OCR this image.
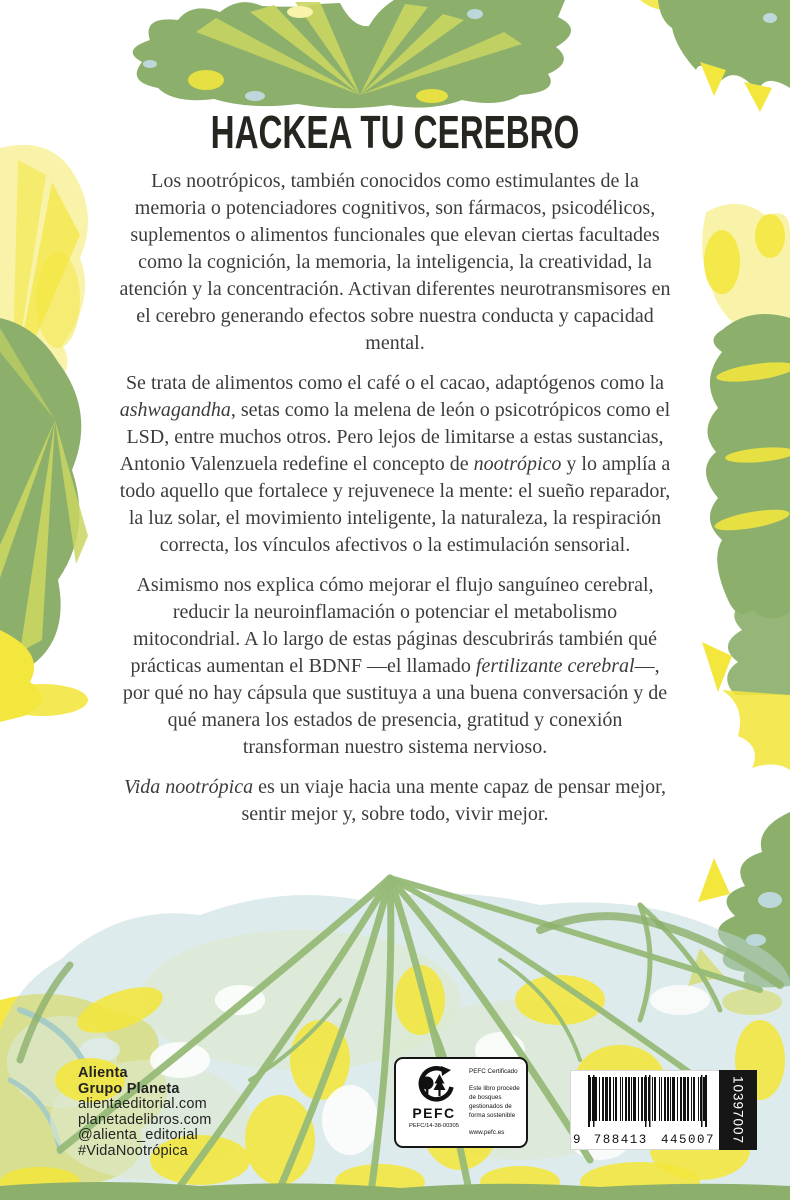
HACKEA TU CEREBRO

Los nootrópicos, también conocidos como estimulantes de la memoria o potenciadores cognitivos, son fármacos, psicodélicos, suplementos o alimentos funcionales que elevan ciertas facultades como la cognición, la memoria, la inteligencia, la creatividad, la atención y la concentración. Activan diferentes neurotransmisores en el cerebro generando efectos sobre nuestra conducta y capacidad mental.

Se trata de alimentos como el café o el cacao, adaptógenos como la ashwagandha, setas como la melena de león o psicotrópicos como el LSD, entre muchos otros. Pero lejos de limitarse a estas sustancias, Antonio Valenzuela redefine el concepto de nootrópico y lo amplía a todo aquello que fortalece y rejuvenece la mente: el sueño reparador, la luz solar, el movimiento inteligente, la naturaleza, la respiración correcta, los vínculos afectivos o la estimulación sensorial.

Asimismo nos explica cómo mejorar el flujo sanguíneo cerebral, reducir la neuroinflamación o potenciar el metabolismo mitocondrial. A lo largo de estas páginas descubrirás también qué prácticas aumentan el BDNF —el llamado fertilizante cerebral—, por qué no hay cápsula que sustituya a una buena conversación y de qué manera los estados de presencia, gratitud y conexión transforman nuestro sistema nervioso.

Vida nootrópica es un viaje hacia una mente capaz de pensar mejor, sentir mejor y, sobre todo, vivir mejor.

Alienta
Grupo Planeta
alientaeditorial.com
planetadelibros.com
@alienta_editorial
#VidaNootrópica
PEFC
PEFC/14-38-00305
PEFC Certificado
Este libro procede de bosques gestionados de forma sostenible
www.pefc.es
9 788413 445007	10397007
